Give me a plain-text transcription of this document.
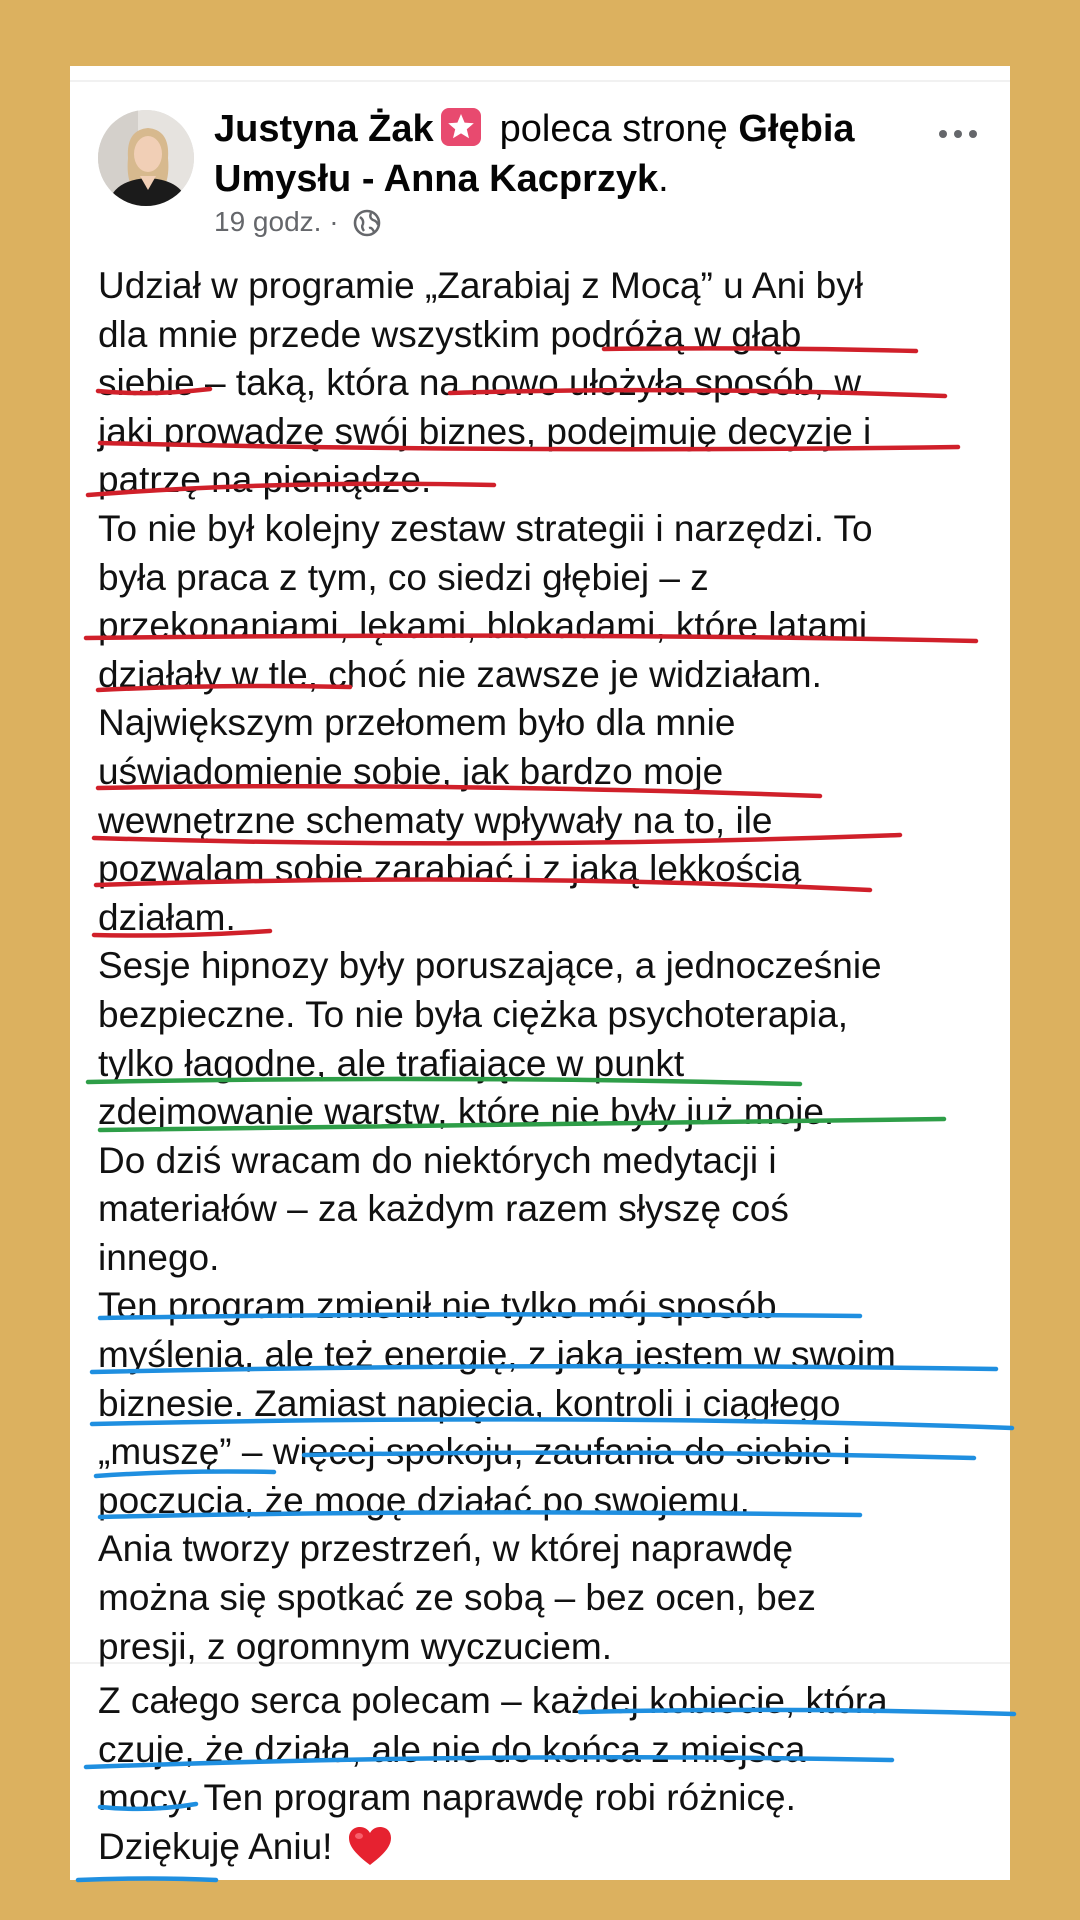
Justyna Żak poleca stronę Głębia
Umysłu - Anna Kacprzyk.
19 godz. ·
Udział w programie „Zarabiaj z Mocą” u Ani był
dla mnie przede wszystkim podróżą w głąb
siebie – taką, która na nowo ułożyła sposób, w
jaki prowadzę swój biznes, podejmuję decyzje i
patrzę na pieniądze.
To nie był kolejny zestaw strategii i narzędzi. To
była praca z tym, co siedzi głębiej – z
przekonaniami, lękami, blokadami, które latami
działały w tle, choć nie zawsze je widziałam.
Największym przełomem było dla mnie
uświadomienie sobie, jak bardzo moje
wewnętrzne schematy wpływały na to, ile
pozwalam sobie zarabiać i z jaką lekkością
działam.
Sesje hipnozy były poruszające, a jednocześnie
bezpieczne. To nie była ciężka psychoterapia,
tylko łagodne, ale trafiające w punkt
zdejmowanie warstw, które nie były już moje.
Do dziś wracam do niektórych medytacji i
materiałów – za każdym razem słyszę coś
innego.
Ten program zmienił nie tylko mój sposób
myślenia, ale też energię, z jaką jestem w swoim
biznesie. Zamiast napięcia, kontroli i ciągłego
„muszę” – więcej spokoju, zaufania do siebie i
poczucia, że mogę działać po swojemu.
Ania tworzy przestrzeń, w której naprawdę
można się spotkać ze sobą – bez ocen, bez
presji, z ogromnym wyczuciem.
Z całego serca polecam – każdej kobiecie, która
czuje, że działa, ale nie do końca z miejsca
mocy. Ten program naprawdę robi różnicę.
Dziękuję Aniu!
